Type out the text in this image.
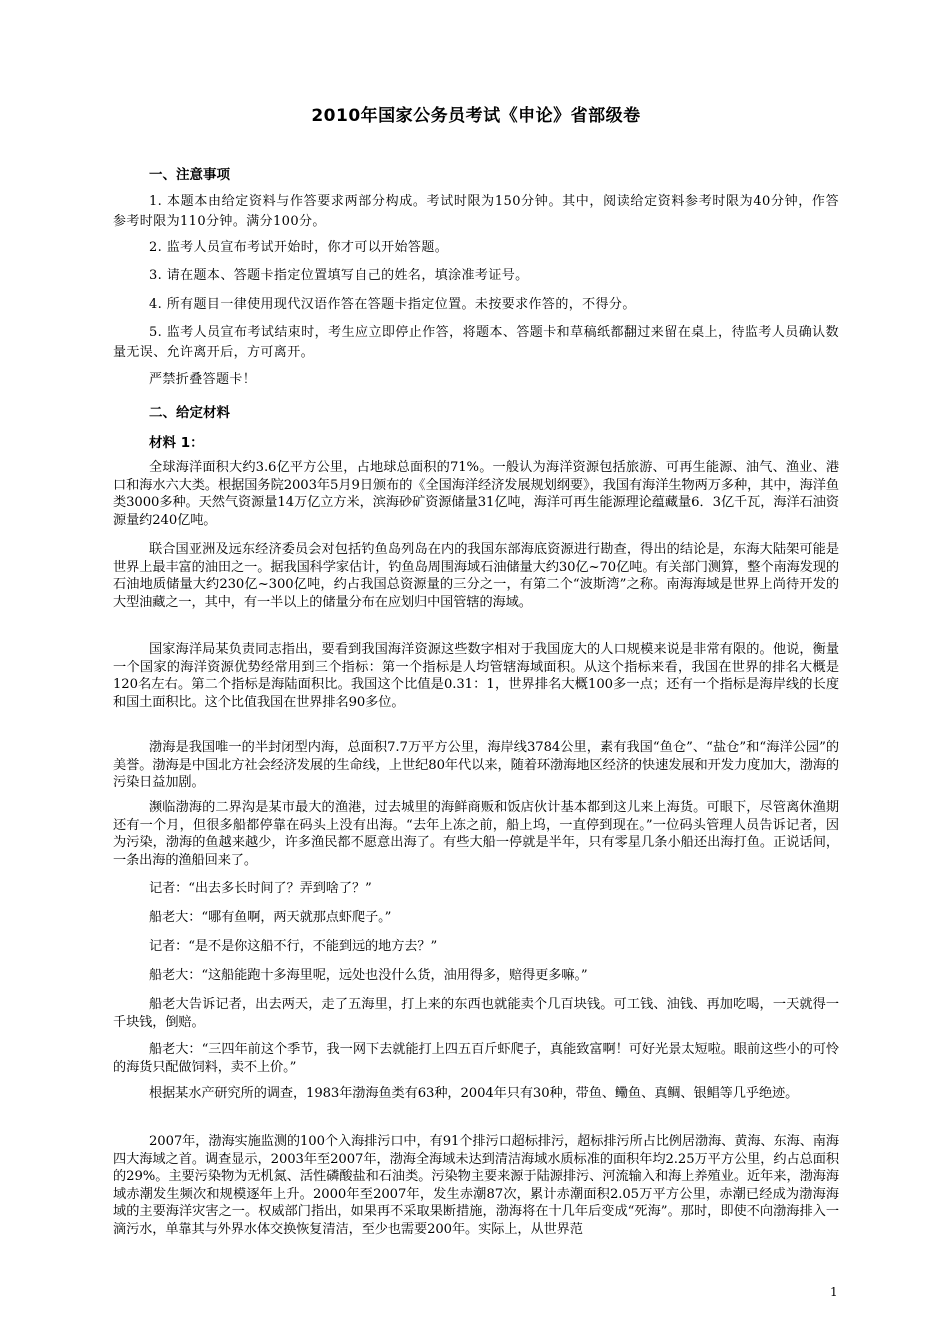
2010年国家公务员考试《申论》省部级卷
一、注意事项
1. 本题本由给定资料与作答要求两部分构成。考试时限为150分钟。其中，阅读给定资料参考时限为40分钟，作答参考时限为110分钟。满分100分。
2. 监考人员宣布考试开始时，你才可以开始答题。
3. 请在题本、答题卡指定位置填写自己的姓名，填涂准考证号。
4. 所有题目一律使用现代汉语作答在答题卡指定位置。未按要求作答的，不得分。
5. 监考人员宣布考试结束时，考生应立即停止作答，将题本、答题卡和草稿纸都翻过来留在桌上，待监考人员确认数量无误、允许离开后，方可离开。
严禁折叠答题卡！
二、给定材料
材料 1：
全球海洋面积大约3.6亿平方公里，占地球总面积的71%。一般认为海洋资源包括旅游、可再生能源、油气、渔业、港口和海水六大类。根据国务院2003年5月9日颁布的《全国海洋经济发展规划纲要》，我国有海洋生物两万多种，其中，海洋鱼类3000多种。天然气资源量14万亿立方米，滨海砂矿资源储量31亿吨，海洋可再生能源理论蕴藏量6．3亿千瓦，海洋石油资源量约240亿吨。
联合国亚洲及远东经济委员会对包括钓鱼岛列岛在内的我国东部海底资源进行勘查，得出的结论是，东海大陆架可能是世界上最丰富的油田之一。据我国科学家估计，钓鱼岛周围海域石油储量大约30亿~70亿吨。有关部门测算，整个南海发现的石油地质储量大约230亿~300亿吨，约占我国总资源量的三分之一，有第二个“波斯湾”之称。南海海域是世界上尚待开发的大型油藏之一，其中，有一半以上的储量分布在应划归中国管辖的海域。
国家海洋局某负责同志指出，要看到我国海洋资源这些数字相对于我国庞大的人口规模来说是非常有限的。他说，衡量一个国家的海洋资源优势经常用到三个指标：第一个指标是人均管辖海域面积。从这个指标来看，我国在世界的排名大概是120名左右。第二个指标是海陆面积比。我国这个比值是0.31：1，世界排名大概100多一点；还有一个指标是海岸线的长度和国土面积比。这个比值我国在世界排名90多位。
渤海是我国唯一的半封闭型内海，总面积7.7万平方公里，海岸线3784公里，素有我国“鱼仓”、“盐仓”和“海洋公园”的美誉。渤海是中国北方社会经济发展的生命线，上世纪80年代以来，随着环渤海地区经济的快速发展和开发力度加大，渤海的污染日益加剧。
濒临渤海的二界沟是某市最大的渔港，过去城里的海鲜商贩和饭店伙计基本都到这儿来上海货。可眼下，尽管离休渔期还有一个月，但很多船都停靠在码头上没有出海。“去年上冻之前，船上坞，一直停到现在。”一位码头管理人员告诉记者，因为污染，渤海的鱼越来越少，许多渔民都不愿意出海了。有些大船一停就是半年，只有零星几条小船还出海打鱼。正说话间，一条出海的渔船回来了。
记者：“出去多长时间了？弄到啥了？”
船老大：“哪有鱼啊，两天就那点虾爬子。”
记者：“是不是你这船不行，不能到远的地方去？”
船老大：“这船能跑十多海里呢，远处也没什么货，油用得多，赔得更多嘛。”
船老大告诉记者，出去两天，走了五海里，打上来的东西也就能卖个几百块钱。可工钱、油钱、再加吃喝，一天就得一千块钱，倒赔。
船老大：“三四年前这个季节，我一网下去就能打上四五百斤虾爬子，真能致富啊！可好光景太短啦。眼前这些小的可怜的海货只配做饲料，卖不上价。”
根据某水产研究所的调查，1983年渤海鱼类有63种，2004年只有30种，带鱼、鳓鱼、真鲷、银鲳等几乎绝迹。
2007年，渤海实施监测的100个入海排污口中，有91个排污口超标排污，超标排污所占比例居渤海、黄海、东海、南海四大海域之首。调查显示，2003年至2007年，渤海全海域未达到清洁海域水质标准的面积年均2.25万平方公里，约占总面积的29%。主要污染物为无机氮、活性磷酸盐和石油类。污染物主要来源于陆源排污、河流输入和海上养殖业。近年来，渤海海域赤潮发生频次和规模逐年上升。2000年至2007年，发生赤潮87次，累计赤潮面积2.05万平方公里，赤潮已经成为渤海海域的主要海洋灾害之一。权威部门指出，如果再不采取果断措施，渤海将在十几年后变成“死海”。那时，即使不向渤海排入一滴污水，单靠其与外界水体交换恢复清洁，至少也需要200年。实际上，从世界范
1
